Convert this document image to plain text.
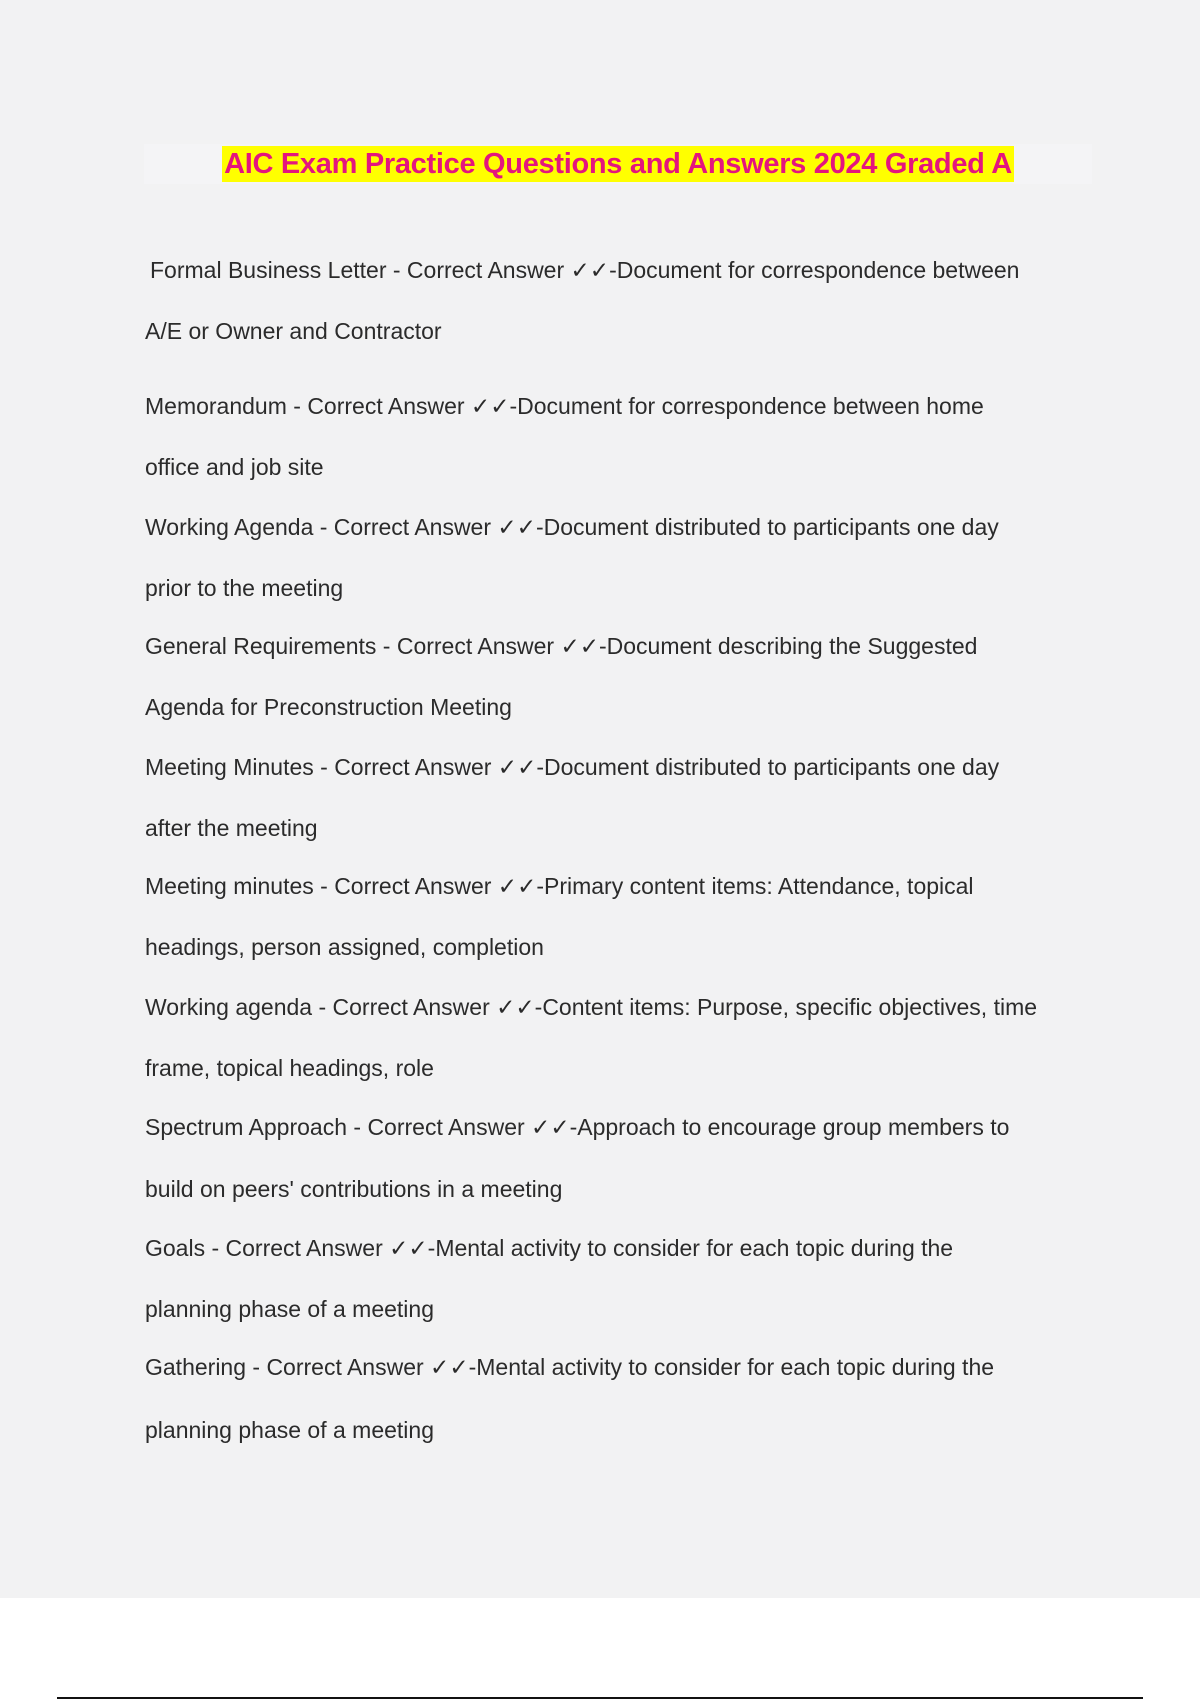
AIC Exam Practice Questions and Answers 2024 Graded A
Formal Business Letter - Correct Answer ✓✓-Document for correspondence between
A/E or Owner and Contractor
Memorandum - Correct Answer ✓✓-Document for correspondence between home
office and job site
Working Agenda - Correct Answer ✓✓-Document distributed to participants one day
prior to the meeting
General Requirements - Correct Answer ✓✓-Document describing the Suggested
Agenda for Preconstruction Meeting
Meeting Minutes - Correct Answer ✓✓-Document distributed to participants one day
after the meeting
Meeting minutes - Correct Answer ✓✓-Primary content items: Attendance, topical
headings, person assigned, completion
Working agenda - Correct Answer ✓✓-Content items: Purpose, specific objectives, time
frame, topical headings, role
Spectrum Approach - Correct Answer ✓✓-Approach to encourage group members to
build on peers' contributions in a meeting
Goals - Correct Answer ✓✓-Mental activity to consider for each topic during the
planning phase of a meeting
Gathering - Correct Answer ✓✓-Mental activity to consider for each topic during the
planning phase of a meeting
